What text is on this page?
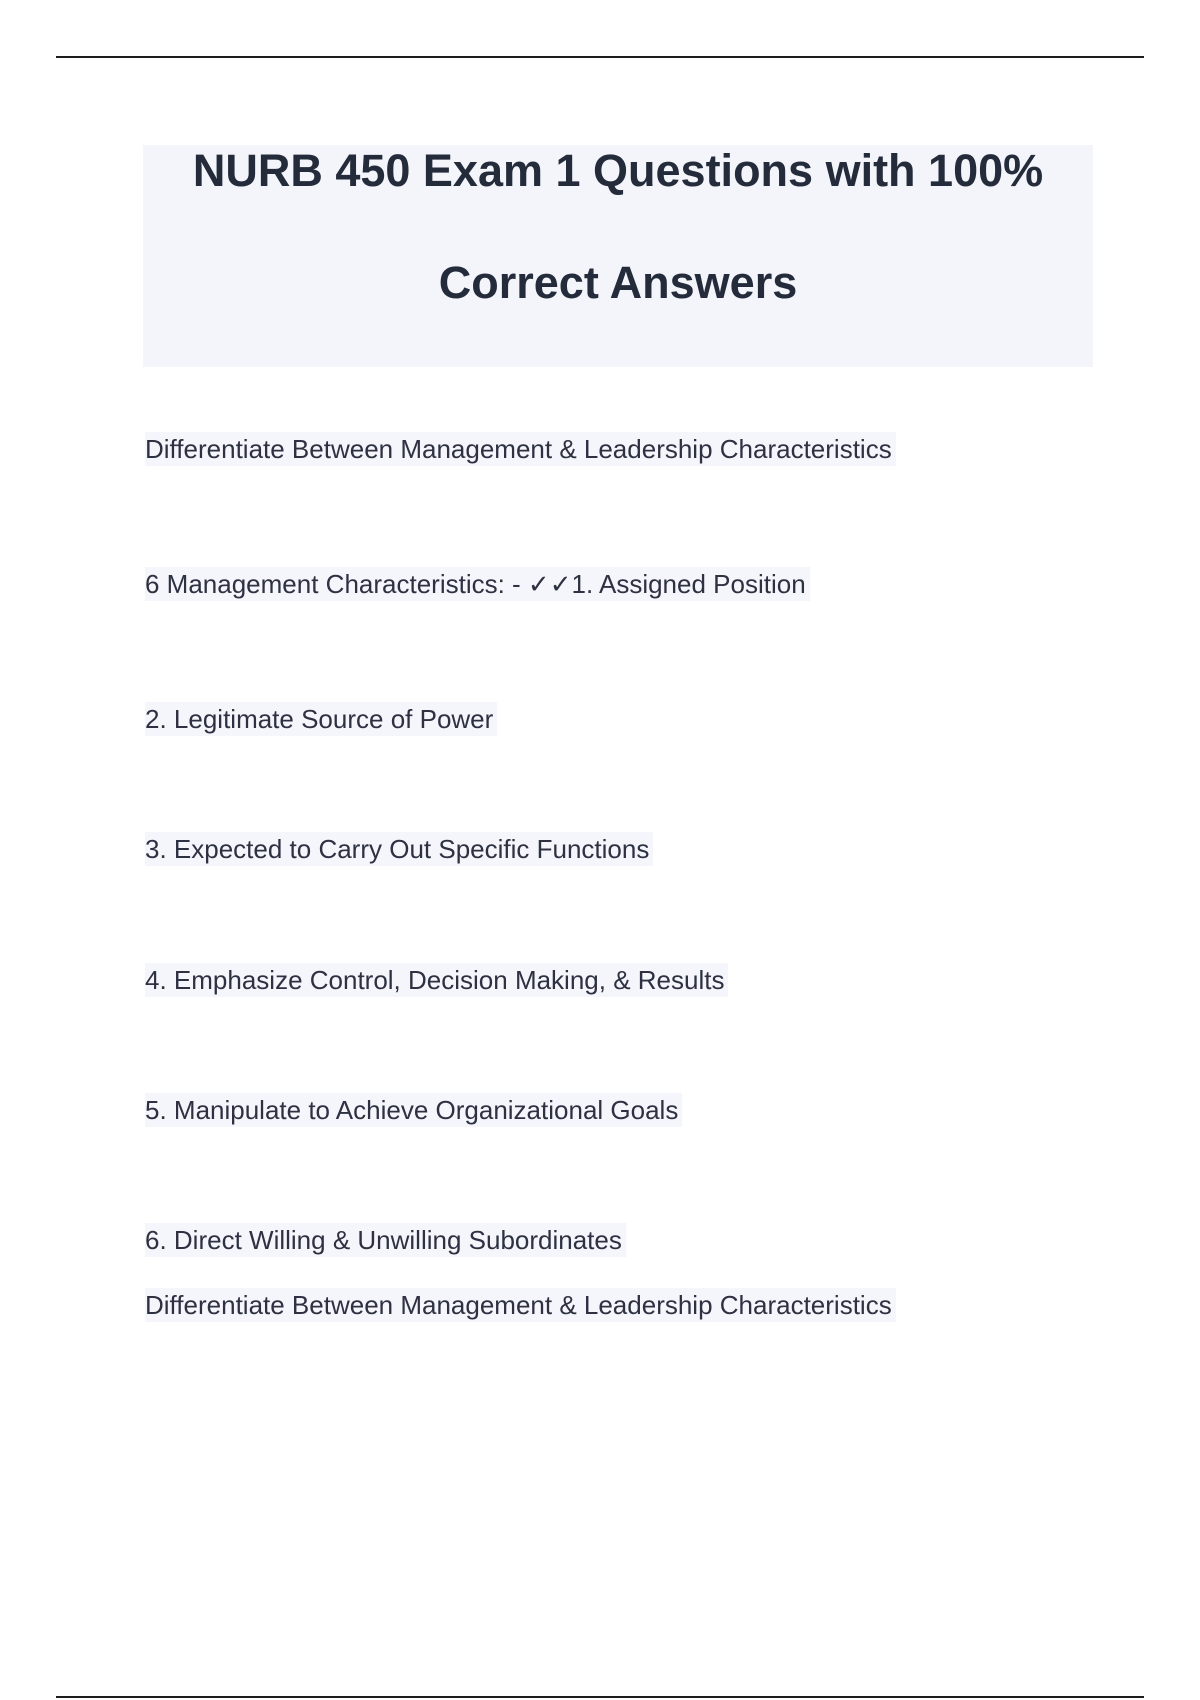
NURB 450 Exam 1 Questions with 100%
Correct Answers
Differentiate Between Management & Leadership Characteristics
6 Management Characteristics: - ✓✓1. Assigned Position
2. Legitimate Source of Power
3. Expected to Carry Out Specific Functions
4. Emphasize Control, Decision Making, & Results
5. Manipulate to Achieve Organizational Goals
6. Direct Willing & Unwilling Subordinates
Differentiate Between Management & Leadership Characteristics
